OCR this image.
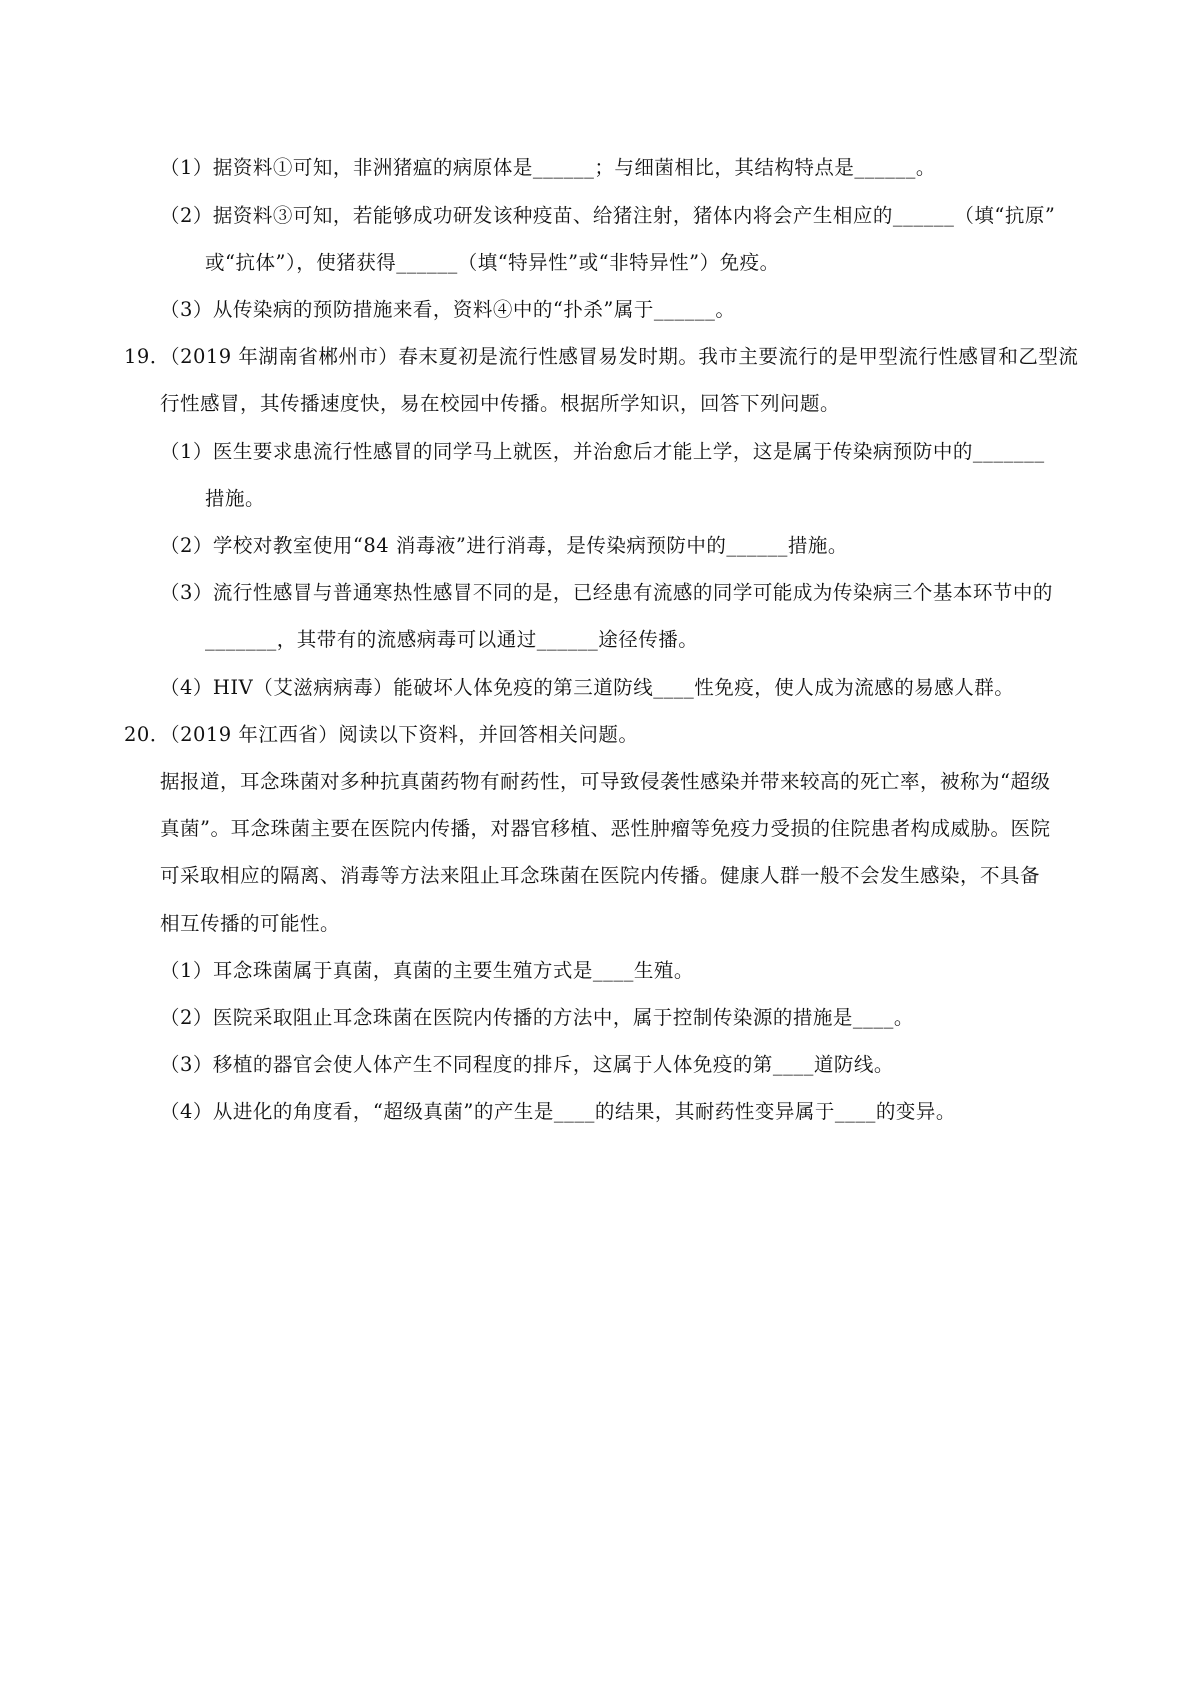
（1）据资料①可知，非洲猪瘟的病原体是______；与细菌相比，其结构特点是______。
（2）据资料③可知，若能够成功研发该种疫苗、给猪注射，猪体内将会产生相应的______（填“抗原”
或“抗体”），使猪获得______（填“特异性”或“非特异性”）免疫。
（3）从传染病的预防措施来看，资料④中的“扑杀”属于______。
19．（2019 年湖南省郴州市）春末夏初是流行性感冒易发时期。我市主要流行的是甲型流行性感冒和乙型流
行性感冒，其传播速度快，易在校园中传播。根据所学知识，回答下列问题。
（1）医生要求患流行性感冒的同学马上就医，并治愈后才能上学，这是属于传染病预防中的_______
措施。
（2）学校对教室使用“84 消毒液”进行消毒，是传染病预防中的______措施。
（3）流行性感冒与普通寒热性感冒不同的是，已经患有流感的同学可能成为传染病三个基本环节中的
_______，其带有的流感病毒可以通过______途径传播。
（4）HIV（艾滋病病毒）能破坏人体免疫的第三道防线____性免疫，使人成为流感的易感人群。
20．（2019 年江西省）阅读以下资料，并回答相关问题。
据报道，耳念珠菌对多种抗真菌药物有耐药性，可导致侵袭性感染并带来较高的死亡率，被称为“超级
真菌”。耳念珠菌主要在医院内传播，对器官移植、恶性肿瘤等免疫力受损的住院患者构成威胁。医院
可采取相应的隔离、消毒等方法来阻止耳念珠菌在医院内传播。健康人群一般不会发生感染，不具备
相互传播的可能性。
（1）耳念珠菌属于真菌，真菌的主要生殖方式是____生殖。
（2）医院采取阻止耳念珠菌在医院内传播的方法中，属于控制传染源的措施是____。
（3）移植的器官会使人体产生不同程度的排斥，这属于人体免疫的第____道防线。
（4）从进化的角度看，“超级真菌”的产生是____的结果，其耐药性变异属于____的变异。
